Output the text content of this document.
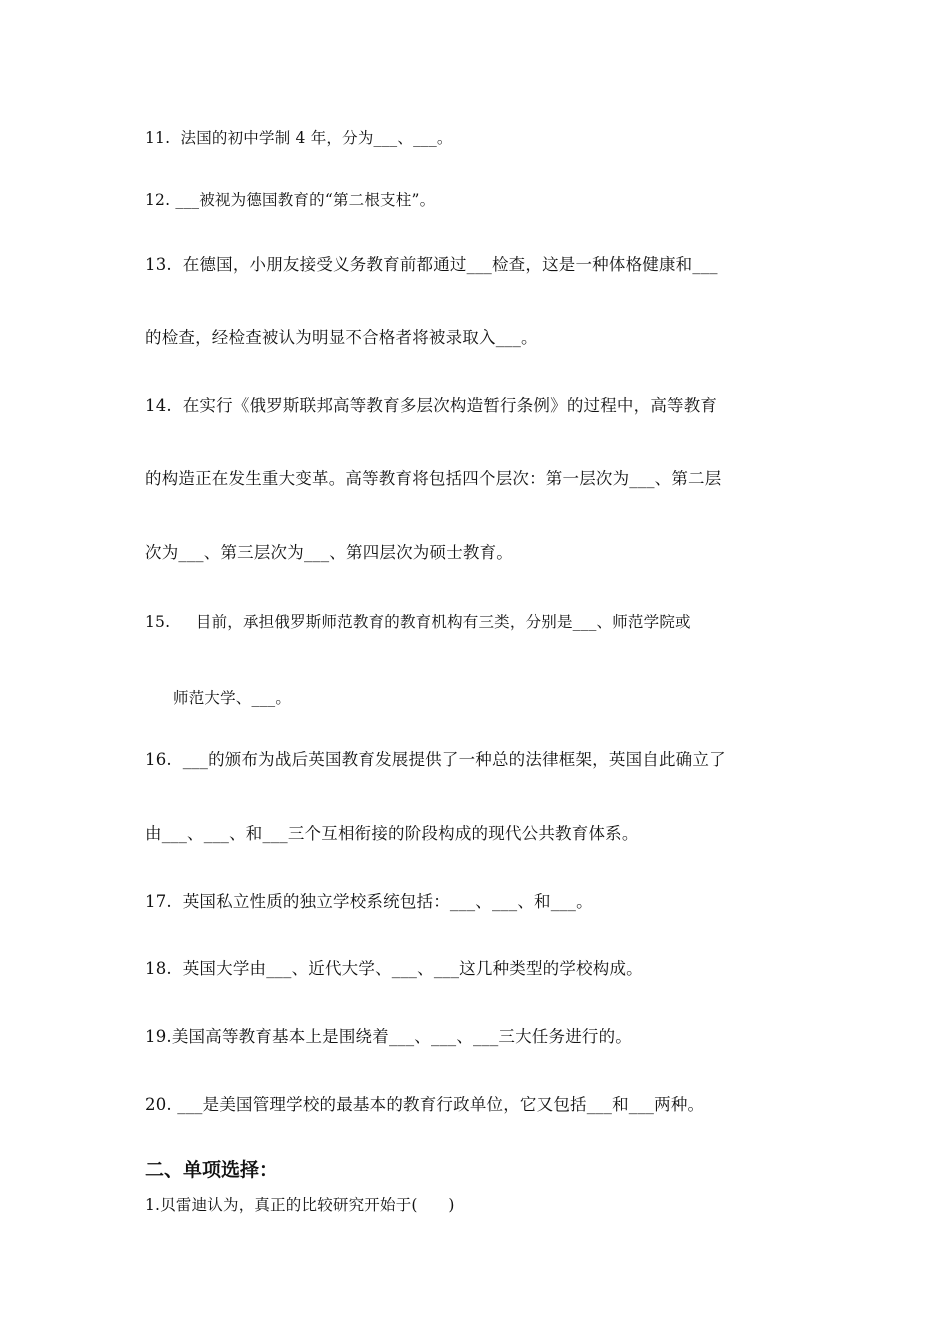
11.  法国的初中学制 4 年，分为___、___。
12. ___被视为德国教育的“第二根支柱”。
13.  在德国，小朋友接受义务教育前都通过___检查，这是一种体格健康和___
的检查，经检查被认为明显不合格者将被录取入___。
14.  在实行《俄罗斯联邦高等教育多层次构造暂行条例》的过程中，高等教育
的构造正在发生重大变革。高等教育将包括四个层次：第一层次为___、第二层
次为___、第三层次为___、第四层次为硕士教育。
15.     目前，承担俄罗斯师范教育的教育机构有三类，分别是___、师范学院或
师范大学、___。
16.  ___的颁布为战后英国教育发展提供了一种总的法律框架，英国自此确立了
由___、___、和___三个互相衔接的阶段构成的现代公共教育体系。
17.  英国私立性质的独立学校系统包括：___、___、和___。
18.  英国大学由___、近代大学、___、___这几种类型的学校构成。
19.美国高等教育基本上是围绕着___、___、___三大任务进行的。
20. ___是美国管理学校的最基本的教育行政单位，它又包括___和___两种。
二、单项选择：
1.贝雷迪认为，真正的比较研究开始于(      )
